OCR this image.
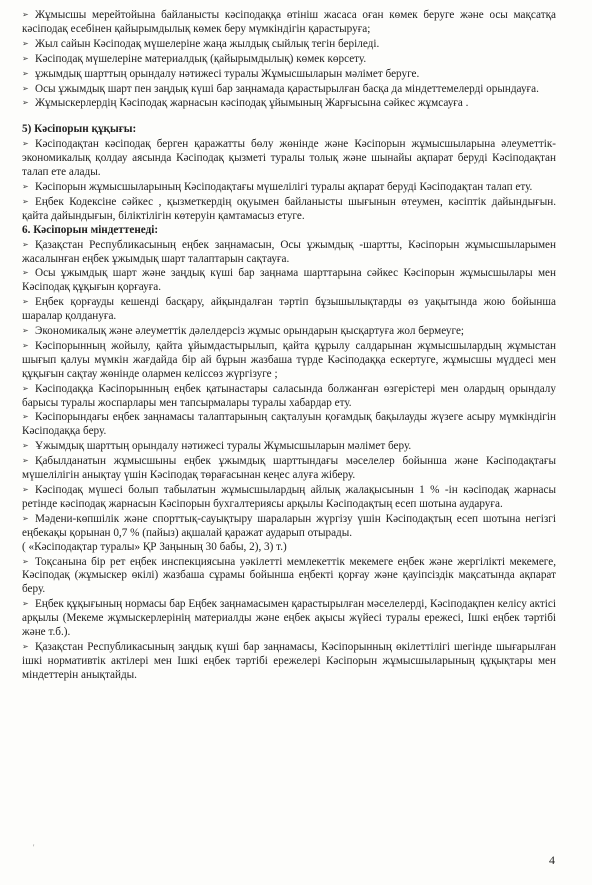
➢ Жұмысшы мерейтойына байланысты кәсіподаққа өтініш жасаса оған көмек беруге және осы мақсатқа кәсіподақ есебінен қайырымдылық көмек беру мүмкіндігін қарастыруға;

➢ Жыл сайын Кәсіподақ мүшелеріне жаңа жылдық сыйлық тегін беріледі.

➢ Кәсіподақ мүшелеріне материалдық (қайырымдылық) көмек көрсету.

➢ ұжымдық шарттың орындалу нәтижесі туралы Жұмысшыларын мәлімет беруге.

➢ Осы ұжымдық шарт пен заңдық күші бар заңнамада қарастырылған басқа да міндеттемелерді орындауға.

➢ Жұмыскерлердің Кәсіподақ жарнасын кәсіподақ ұйымының Жарғысына сәйкес жұмсауға .

5) Кәсіпорын құқығы:

➢ Кәсіподақтан кәсіподақ берген қаражатты бөлу жөнінде және Кәсіпорын жұмысшыларына әлеуметтік-экономикалық қолдау аясында Кәсіподақ қызметі туралы толық және шынайы ақпарат беруді Кәсіподақтан талап ете алады.

➢ Кәсіпорын жұмысшыларының Кәсіподақтағы мүшелілігі туралы ақпарат беруді Кәсіподақтан талап ету.

➢ Еңбек Кодексіне сәйкес , қызметкердің оқуымен байланысты шығынын өтеумен, кәсіптік дайындығын. қайта дайындығын, біліктілігін көтеруін қамтамасыз етуге.

6. Кәсіпорын міндеттенеді:

➢ Қазақстан Республикасының еңбек заңнамасын, Осы ұжымдық -шартты, Кәсіпорын жұмысшыларымен жасалынған еңбек ұжымдық шарт талаптарын сақтауға.

➢ Осы ұжымдық шарт және заңдық күші бар заңнама шарттарына сәйкес Кәсіпорын жұмысшылары мен Кәсіподақ құқығын қорғауға.

➢ Еңбек қорғауды кешенді басқару, айқындалған тәртіп бұзышылықтарды өз уақытында жою бойынша шаралар қолдануға.

➢ Экономикалық және әлеуметтік дәлелдерсіз жұмыс орындарын қысқартуға жол бермеуге;

➢ Кәсіпорынның жойылу, қайта ұйымдастырылып, қайта құрылу салдарынан жұмысшылардың жұмыстан шығып қалуы мүмкін жағдайда бір ай бұрын жазбаша түрде Кәсіподаққа ескертуге, жұмысшы мүддесі мен құқығын сақтау жөнінде олармен келіссөз жүргізуге ;

➢ Кәсіподаққа Кәсіпорынның еңбек қатынастары саласында болжанған өзгерістері мен олардың орындалу барысы туралы жоспарлары мен тапсырмалары туралы хабардар ету.

➢ Кәсіпорындағы еңбек заңнамасы талаптарының сақталуын қоғамдық бақылауды жүзеге асыру мүмкіндігін Кәсіподаққа беру.

➢ Ұжымдық шарттың орындалу нәтижесі туралы Жұмысшыларын мәлімет беру.

➢ Қабылданатын жұмысшыны еңбек ұжымдық шарттындағы мәселелер бойынша және Кәсіподақтағы мүшелілігін анықтау үшін Кәсіподақ төрағасынан кеңес алуға жіберу.

➢ Кәсіподақ мүшесі болып табылатын жұмысшылардың айлық жалақысынын 1 % -ін кәсіподақ жарнасы ретінде кәсіподақ жарнасын Кәсіпорын бухгалтериясы арқылы Кәсіподақтың есеп шотына аударуға.

➢ Мәдени-көпшілік және спорттық-сауықтыру шараларын жүргізу үшін Кәсіподақтың есеп шотына негізгі еңбекақы қорынан 0,7 % (пайыз) ақшалай қаражат аударып отырады.

( «Кәсіподақтар туралы» ҚР Заңының 30 бабы, 2), 3) т.)

➢ Тоқсанына бір рет еңбек инспекциясына уәкілетті мемлекеттік мекемеге еңбек және жергілікті мекемеге, Кәсіподақ (жұмыскер өкілі) жазбаша сұрамы бойынша еңбекті қорғау және қауіпсіздік мақсатында ақпарат беру.

➢ Еңбек құқығының нормасы бар Еңбек заңнамасымен қарастырылған мәселелерді, Кәсіподақпен келісу актісі арқылы (Мекеме жұмыскерлерінің материалды және еңбек ақысы жүйесі туралы ережесі, Ішкі еңбек тәртібі және т.б.).

➢ Қазақстан Республикасының заңдық күші бар заңнамасы, Кәсіпорынның өкілеттілігі шегінде шығарылған ішкі нормативтік актілері мен Ішкі еңбек тәртібі ережелері Кәсіпорын жұмысшыларының құқықтары мен міндеттерін анықтайды.

'
4
